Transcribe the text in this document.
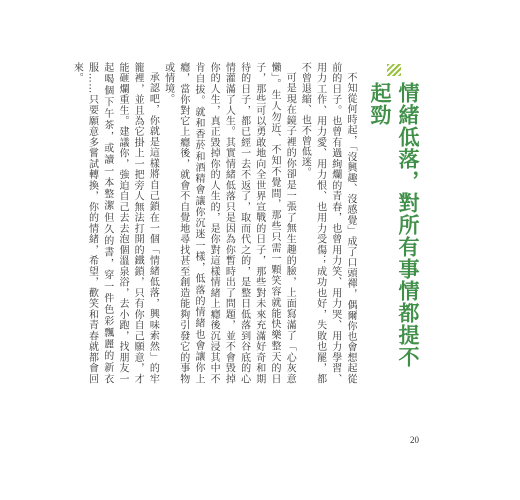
情緒低落，對所有事情都提不起勁

不知從何時起，「沒興趣、沒感覺」成了口頭禪，偶爾你也會想起從前的日子。也曾有過絢爛的青春，也曾用力笑、用力哭、用力學習、用力工作、用力愛、用力恨、也用力受傷；成功也好，失敗也罷，都不曾退縮、也不曾低迷。

可是現在鏡子裡的你卻是一張了無生趣的臉，上面寫滿了「心灰意懶」。生人勿近、不知不覺間，那些只需一顆笑容就能快樂整天的日子，那些可以勇敢地向全世界宣戰的日子，那些對未來充滿好奇和期待的日子，都已經一去不返了，取而代之的，是整日低落到谷底的心情灌滿了人生。其實情緒低落只是因為你暫時出了問題，並不會毀掉你的人生，真正毀掉你的人生的，是你對這樣情緒上癮後沉浸其中不肯自拔。就和香菸和酒精會讓你沉迷一樣，低落的情緒也會讓你上癮，當你對它上癮後，就會不自覺地尋找甚至創造能夠引發它的事物或情境。

承認吧，你就是這樣將自己鎖在一個「情緒低落，興味索然」的牢籠裡，並且為它掛上一把旁人無法打開的鐵鎖，只有你自己願意，才能砸爛重生。建議你，強迫自己去去泡個溫泉浴，去小跑，找朋友一起喝個下午茶，或讀一本整潔但久的書，穿一件色彩飄麗的新衣服……只要願意多嘗試轉換，你的情緒，希望，歡笑和青春就都會回來。

20
